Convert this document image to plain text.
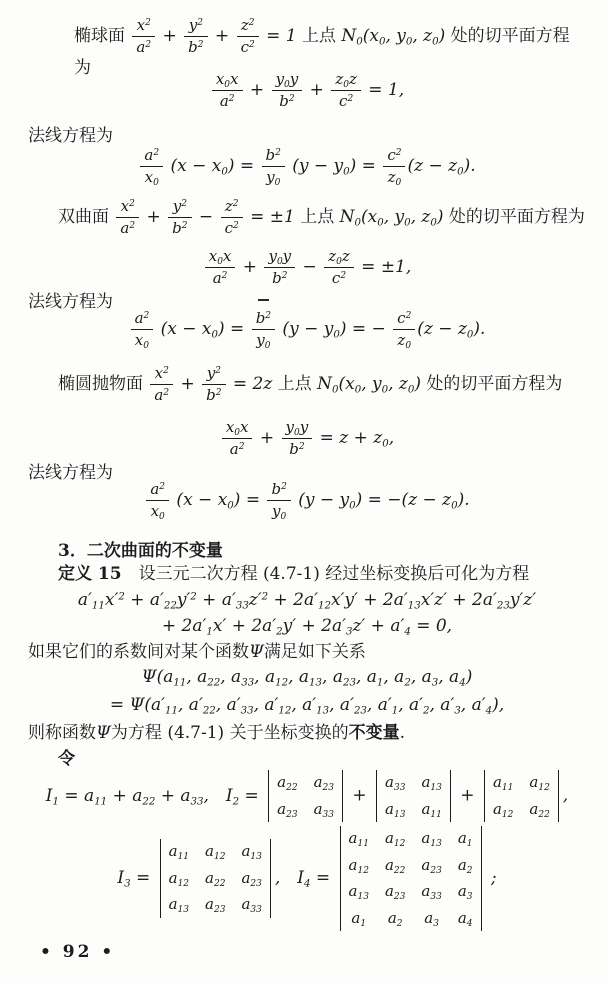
椭球面 $\frac{x^2}{a^2} + \frac{y^2}{b^2} + \frac{z^2}{c^2} = 1$ 上点 $N_0(x_0$, $y_0$, $z_0$) 处的切平面方程为
$\frac{x_0x}{a^2} + \frac{y_0y}{b^2} + \frac{z_0z}{c^2} = 1$,
法线方程为
$\frac{a^2}{x_0} (x - x_0) = \frac{b^2}{y_0} (y - y_0) = \frac{c^2}{z_0} (z - z_0)$.
双曲面 $\frac{x^2}{a^2} + \frac{y^2}{b^2} - \frac{z^2}{c^2} = \pm 1$ 上点 $N_0(x_0$, $y_0$, $z_0$) 处的切平面方程为
$\frac{x_0x}{a^2} + \frac{y_0y}{b^2} - \frac{z_0z}{c^2} = \pm 1$,
法线方程为
$\frac{a^2}{x_0} (x - x_0) = \frac{b^2}{y_0} (y - y_0)$ = − $\frac{c^2}{z_0} (z - z_0)$.
椭圆抛物面 $\frac{x^2}{a^2} + \frac{y^2}{b^2} = 2z$ 上点 $N_0(x_0$, $y_0$, $z_0$) 处的切平面方程为
$\frac{x_0x}{a^2} + \frac{y_0y}{b^2} = z + z_0$,
法线方程为
$\frac{a^2}{x_0} (x - x_0) = \frac{b^2}{y_0} (y - y_0) = -(z - z_0)$.
3．二次曲面的不变量
定义 15　设三元二次方程 (4.7-1) 经过坐标变换后可化为方程
$a'_{11}x'^2 + a'_{22}y'^2 + a'_{33}z'^2 + 2a'_{12}x'y' + 2a'_{13}x'z' + 2a'_{23}y'z'$
+ $2a'_1x' + 2a'_2y' + 2a'_3z' + a'_4 = 0$,
如果它们的系数间对某个函数Ψ满足如下关系
$\Psi(a_{11}$, $a_{22}$, $a_{33}$, $a_{12}$, $a_{13}$, $a_{23}$, $a_1$, $a_2$, $a_3$, $a_4$)
= $\Psi(a'_{11}$, $a'_{22}$, $a'_{33}$, $a'_{12}$, $a'_{13}$, $a'_{23}$, $a'_1$, $a'_2$, $a'_3$, $a'_4$),
则称函数Ψ为方程 (4.7-1) 关于坐标变换的不变量.
令
$I_1 = a_{11} + a_{22} + a_{33}$,　$I_2$ =
$a_{22}$ $a_{23}$
$a_{23}$ $a_{33}$
+
$a_{33}$ $a_{13}$
$a_{13}$ $a_{11}$
+
$a_{11}$ $a_{12}$
$a_{12}$ $a_{22}$
,
$I_3$ =
$a_{11}$ $a_{12}$ $a_{13}$
$a_{12}$ $a_{22}$ $a_{23}$
$a_{13}$ $a_{23}$ $a_{33}$
,　$I_4$ =
$a_{11}$ $a_{12}$ $a_{13}$ $a_1$
$a_{12}$ $a_{22}$ $a_{23}$ $a_2$
$a_{13}$ $a_{23}$ $a_{33}$ $a_3$
$a_1$ $a_2$ $a_3$ $a_4$
;
• 92 •
